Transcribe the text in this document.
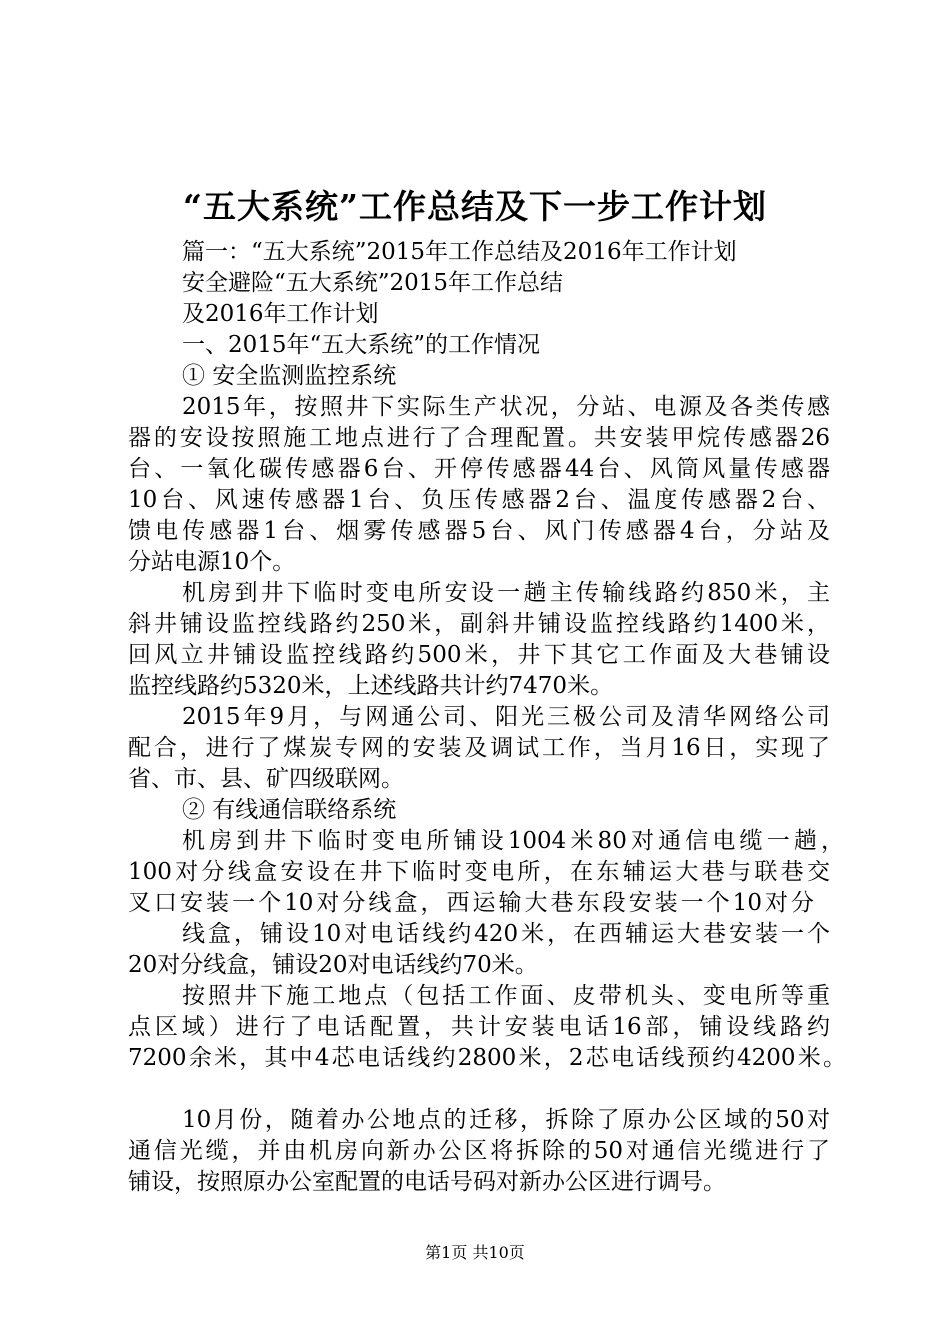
“五大系统”工作总结及下一步工作计划
篇一：“五大系统”2015年工作总结及2016年工作计划
安全避险“五大系统”2015年工作总结
及2016年工作计划
一、2015年“五大系统”的工作情况
① 安全监测监控系统
2015年，按照井下实际生产状况，分站、电源及各类传感
器的安设按照施工地点进行了合理配置。共安装甲烷传感器26
台、一氧化碳传感器6台、开停传感器44台、风筒风量传感器
10台、风速传感器1台、负压传感器2台、温度传感器2台、
馈电传感器1台、烟雾传感器5台、风门传感器4台，分站及
分站电源10个。
机房到井下临时变电所安设一趟主传输线路约850米，主
斜井铺设监控线路约250米，副斜井铺设监控线路约1400米，
回风立井铺设监控线路约500米，井下其它工作面及大巷铺设
监控线路约5320米，上述线路共计约7470米。
2015年9月，与网通公司、阳光三极公司及清华网络公司
配合，进行了煤炭专网的安装及调试工作，当月16日，实现了
省、市、县、矿四级联网。
② 有线通信联络系统
机房到井下临时变电所铺设1004米80对通信电缆一趟，
100对分线盒安设在井下临时变电所，在东辅运大巷与联巷交
叉口安装一个10对分线盒，西运输大巷东段安装一个10对分
线盒，铺设10对电话线约420米，在西辅运大巷安装一个
20对分线盒，铺设20对电话线约70米。
按照井下施工地点（包括工作面、皮带机头、变电所等重
点区域）进行了电话配置，共计安装电话16部，铺设线路约
7200余米，其中4芯电话线约2800米，2芯电话线预约4200米。
10月份，随着办公地点的迁移，拆除了原办公区域的50对
通信光缆，并由机房向新办公区将拆除的50对通信光缆进行了
铺设，按照原办公室配置的电话号码对新办公区进行调号。
第1页 共10页
